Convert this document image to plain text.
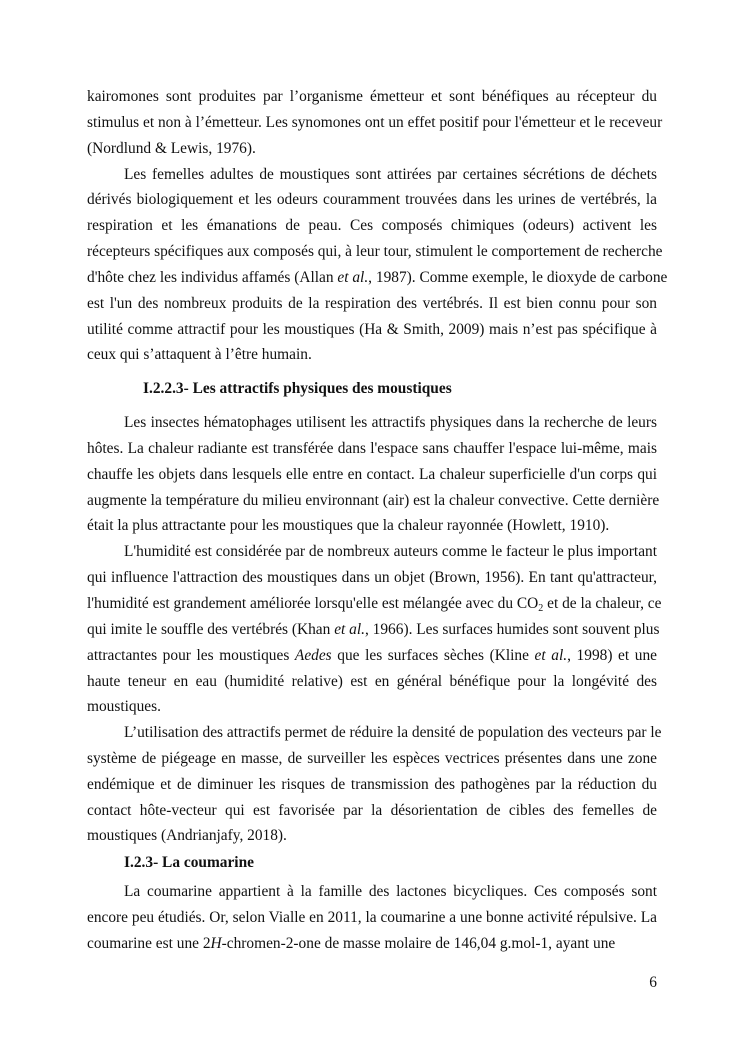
kairomones sont produites par l’organisme émetteur et sont bénéfiques au récepteur du
stimulus et non à l’émetteur. Les synomones ont un effet positif pour l'émetteur et le receveur
(Nordlund & Lewis, 1976).
Les femelles adultes de moustiques sont attirées par certaines sécrétions de déchets
dérivés biologiquement et les odeurs couramment trouvées dans les urines de vertébrés, la
respiration et les émanations de peau. Ces composés chimiques (odeurs) activent les
récepteurs spécifiques aux composés qui, à leur tour, stimulent le comportement de recherche
d'hôte chez les individus affamés (Allan et al., 1987). Comme exemple, le dioxyde de carbone
est l'un des nombreux produits de la respiration des vertébrés. Il est bien connu pour son
utilité comme attractif pour les moustiques (Ha & Smith, 2009) mais n’est pas spécifique à
ceux qui s’attaquent à l’être humain.
I.2.2.3- Les attractifs physiques des moustiques
Les insectes hématophages utilisent les attractifs physiques dans la recherche de leurs
hôtes. La chaleur radiante est transférée dans l'espace sans chauffer l'espace lui-même, mais
chauffe les objets dans lesquels elle entre en contact. La chaleur superficielle d'un corps qui
augmente la température du milieu environnant (air) est la chaleur convective. Cette dernière
était la plus attractante pour les moustiques que la chaleur rayonnée (Howlett, 1910).
L'humidité est considérée par de nombreux auteurs comme le facteur le plus important
qui influence l'attraction des moustiques dans un objet (Brown, 1956). En tant qu'attracteur,
l'humidité est grandement améliorée lorsqu'elle est mélangée avec du $CO_2$ et de la chaleur, ce
qui imite le souffle des vertébrés (Khan et al., 1966). Les surfaces humides sont souvent plus
attractantes pour les moustiques Aedes que les surfaces sèches (Kline et al., 1998) et une
haute teneur en eau (humidité relative) est en général bénéfique pour la longévité des
moustiques.
L’utilisation des attractifs permet de réduire la densité de population des vecteurs par le
système de piégeage en masse, de surveiller les espèces vectrices présentes dans une zone
endémique et de diminuer les risques de transmission des pathogènes par la réduction du
contact hôte-vecteur qui est favorisée par la désorientation de cibles des femelles de
moustiques (Andrianjafy, 2018).
I.2.3- La coumarine
La coumarine appartient à la famille des lactones bicycliques. Ces composés sont
encore peu étudiés. Or, selon Vialle en 2011, la coumarine a une bonne activité répulsive. La
coumarine est une 2H-chromen-2-one de masse molaire de 146,04 g.mol-1, ayant une
6
